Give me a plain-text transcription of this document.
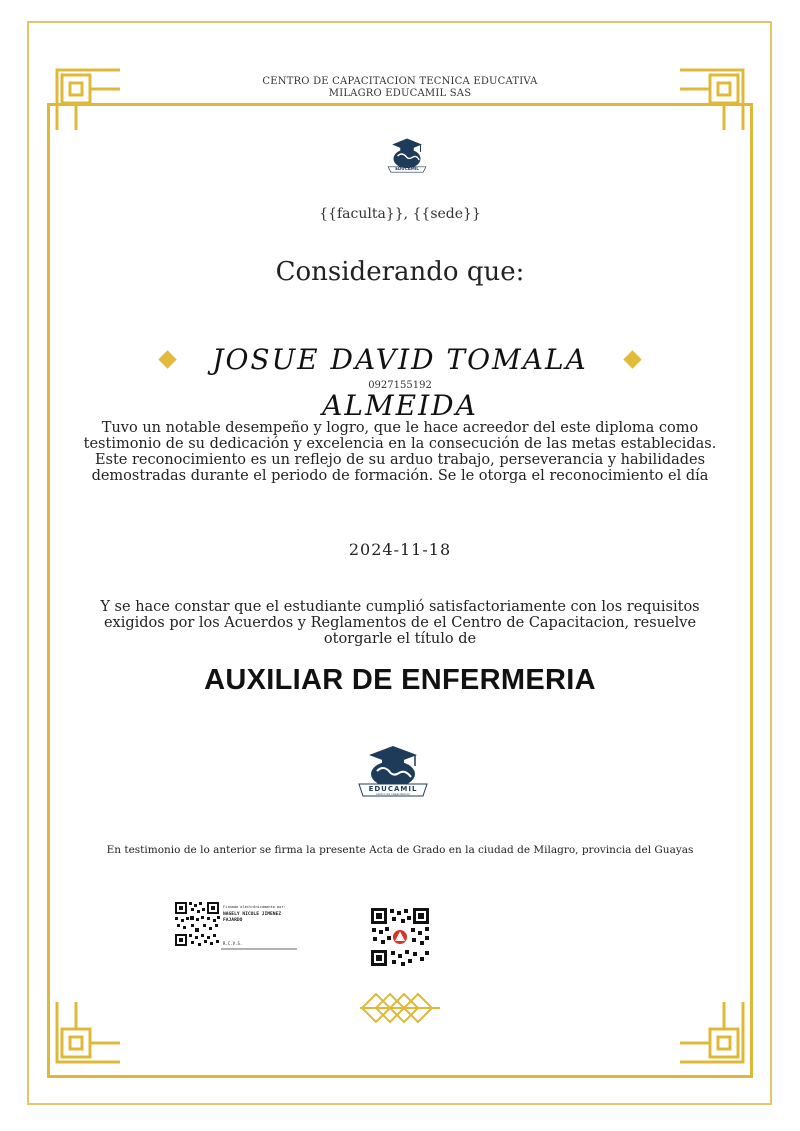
CENTRO DE CAPACITACION TECNICA EDUCATIVA
MILAGRO EDUCAMIL SAS
EDUCAMIL
{{faculta}}, {{sede}}
Considerando que:
JOSUE DAVID TOMALA ALMEIDA
0927155192
Tuvo un notable desempeño y logro, que le hace acreedor del este diploma como
testimonio de su dedicación y excelencia en la consecución de las metas establecidas.
Este reconocimiento es un reflejo de su arduo trabajo, perseverancia y habilidades
demostradas durante el periodo de formación. Se le otorga el reconocimiento el día
2024-11-18
Y se hace constar que el estudiante cumplió satisfactoriamente con los requisitos
exigidos por los Acuerdos y Reglamentos de el Centro de Capacitacion, resuelve
otorgarle el título de
AUXILIAR DE ENFERMERIA
EDUCAMIL
centro de capacitacion
En testimonio de lo anterior se firma la presente Acta de Grado en la ciudad de Milagro, provincia del Guayas
Firmado electrónicamente por:
NAGELY NICOLE JIMENEZ
FAJARDO
R.C.V.S.
